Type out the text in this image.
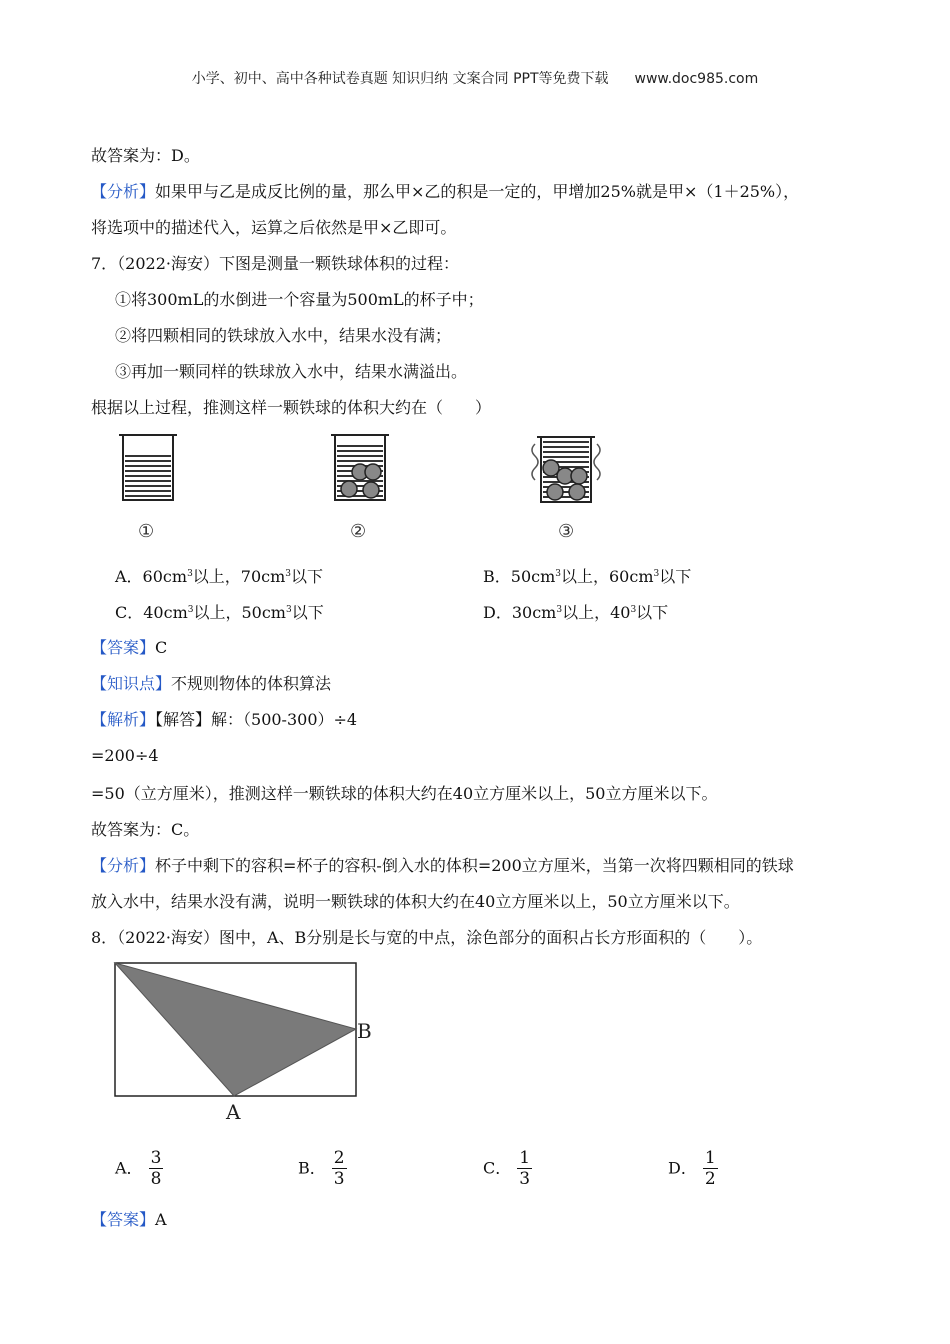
小学、初中、高中各种试卷真题 知识归纳 文案合同 PPT等免费下载 www.doc985.com
故答案为：D。
【分析】如果甲与乙是成反比例的量，那么甲×乙的积是一定的，甲增加25%就是甲×（1＋25%），
将选项中的描述代入，运算之后依然是甲×乙即可。
7．（2022·海安）下图是测量一颗铁球体积的过程：
①将300mL的水倒进一个容量为500mL的杯子中；
②将四颗相同的铁球放入水中，结果水没有满；
③再加一颗同样的铁球放入水中，结果水满溢出。
根据以上过程，推测这样一颗铁球的体积大约在（　　）
①	②	③
A．$60cm^3$以上，$70cm^3$以下	B．$50cm^3$以上，$60cm^3$以下
C．$40cm^3$以上，$50cm^3$以下	D．$30cm^3$以上，$40^3$以下
【答案】C
【知识点】不规则物体的体积算法
【解析】【解答】解：（500-300）÷4
=200÷4
=50（立方厘米），推测这样一颗铁球的体积大约在40立方厘米以上，50立方厘米以下。
故答案为：C。
【分析】杯子中剩下的容积=杯子的容积-倒入水的体积=200立方厘米，当第一次将四颗相同的铁球
放入水中，结果水没有满，说明一颗铁球的体积大约在40立方厘米以上，50立方厘米以下。
8．（2022·海安）图中，A、B分别是长与宽的中点，涂色部分的面积占长方形面积的（　　）。
B
A
A． $\frac{3}{8}$	B． $\frac{2}{3}$	C． $\frac{1}{3}$	D． $\frac{1}{2}$
【答案】A
